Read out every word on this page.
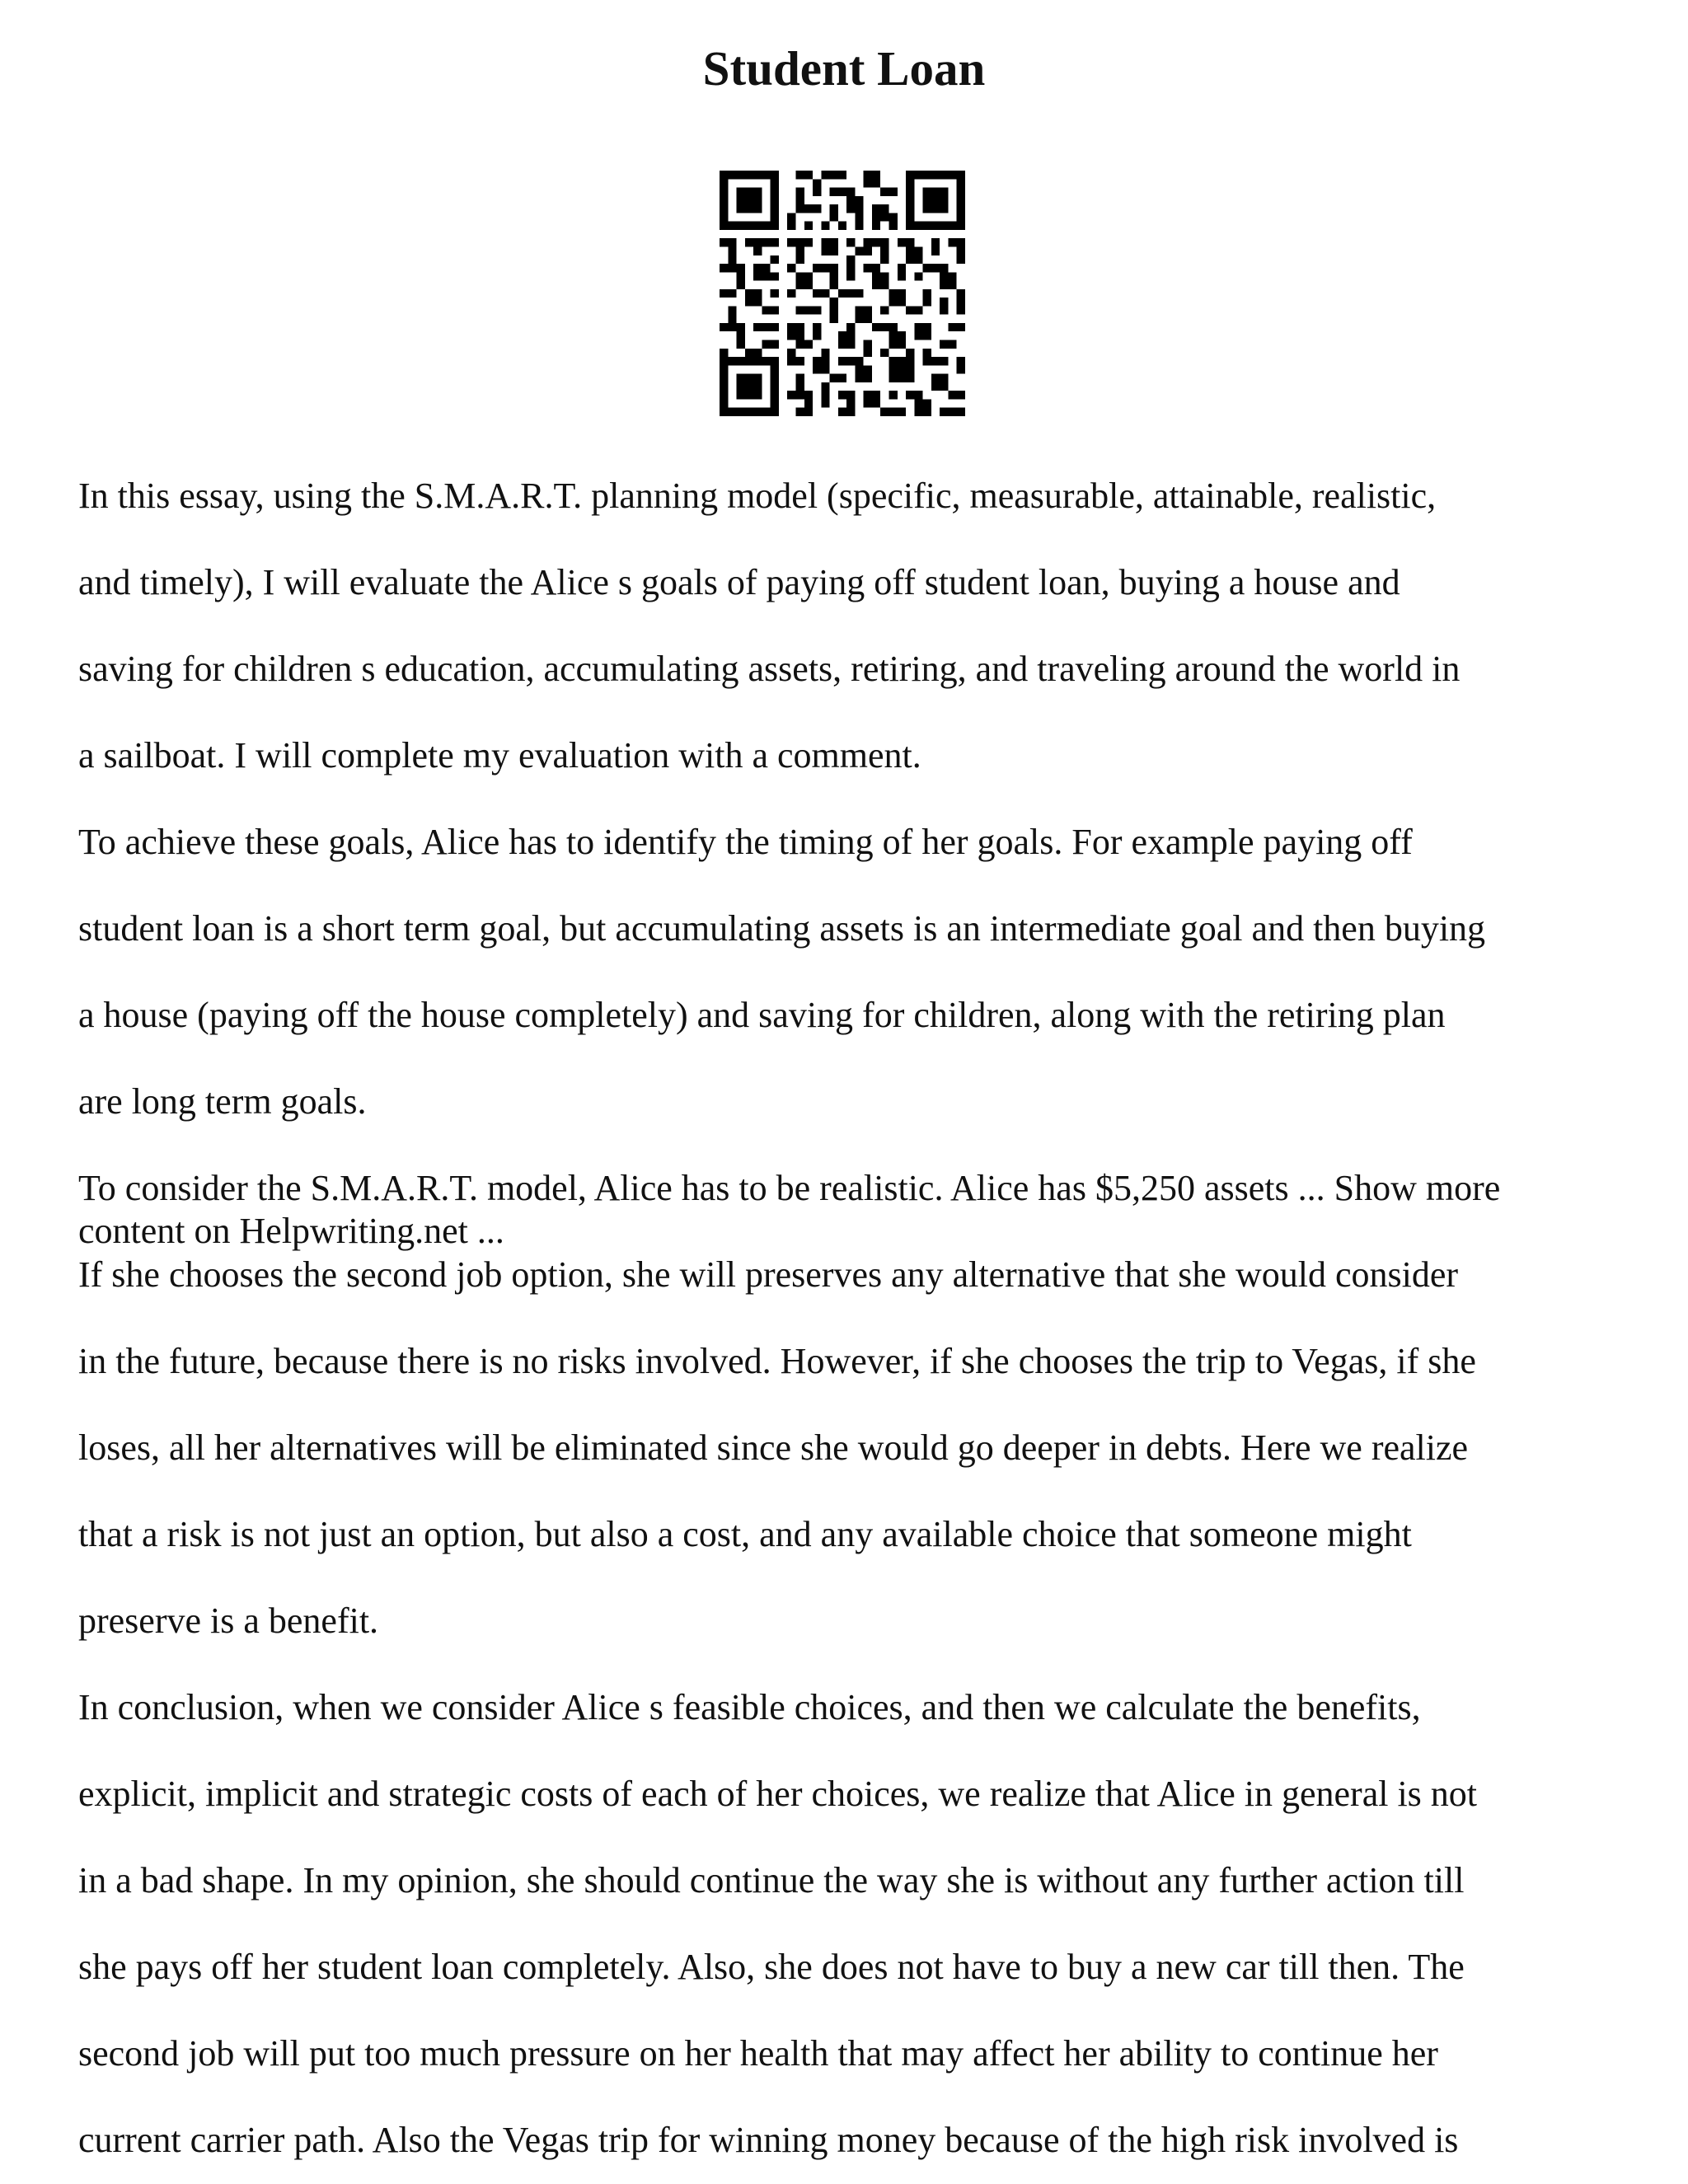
Student Loan
In this essay, using the S.M.A.R.T. planning model (specific, measurable, attainable, realistic,
and timely), I will evaluate the Alice s goals of paying off student loan, buying a house and
saving for children s education, accumulating assets, retiring, and traveling around the world in
a sailboat. I will complete my evaluation with a comment.
To achieve these goals, Alice has to identify the timing of her goals. For example paying off
student loan is a short term goal, but accumulating assets is an intermediate goal and then buying
a house (paying off the house completely) and saving for children, along with the retiring plan
are long term goals.
To consider the S.M.A.R.T. model, Alice has to be realistic. Alice has $5,250 assets ... Show more
content on Helpwriting.net ...
If she chooses the second job option, she will preserves any alternative that she would consider
in the future, because there is no risks involved. However, if she chooses the trip to Vegas, if she
loses, all her alternatives will be eliminated since she would go deeper in debts. Here we realize
that a risk is not just an option, but also a cost, and any available choice that someone might
preserve is a benefit.
In conclusion, when we consider Alice s feasible choices, and then we calculate the benefits,
explicit, implicit and strategic costs of each of her choices, we realize that Alice in general is not
in a bad shape. In my opinion, she should continue the way she is without any further action till
she pays off her student loan completely. Also, she does not have to buy a new car till then. The
second job will put too much pressure on her health that may affect her ability to continue her
current carrier path. Also the Vegas trip for winning money because of the high risk involved is
